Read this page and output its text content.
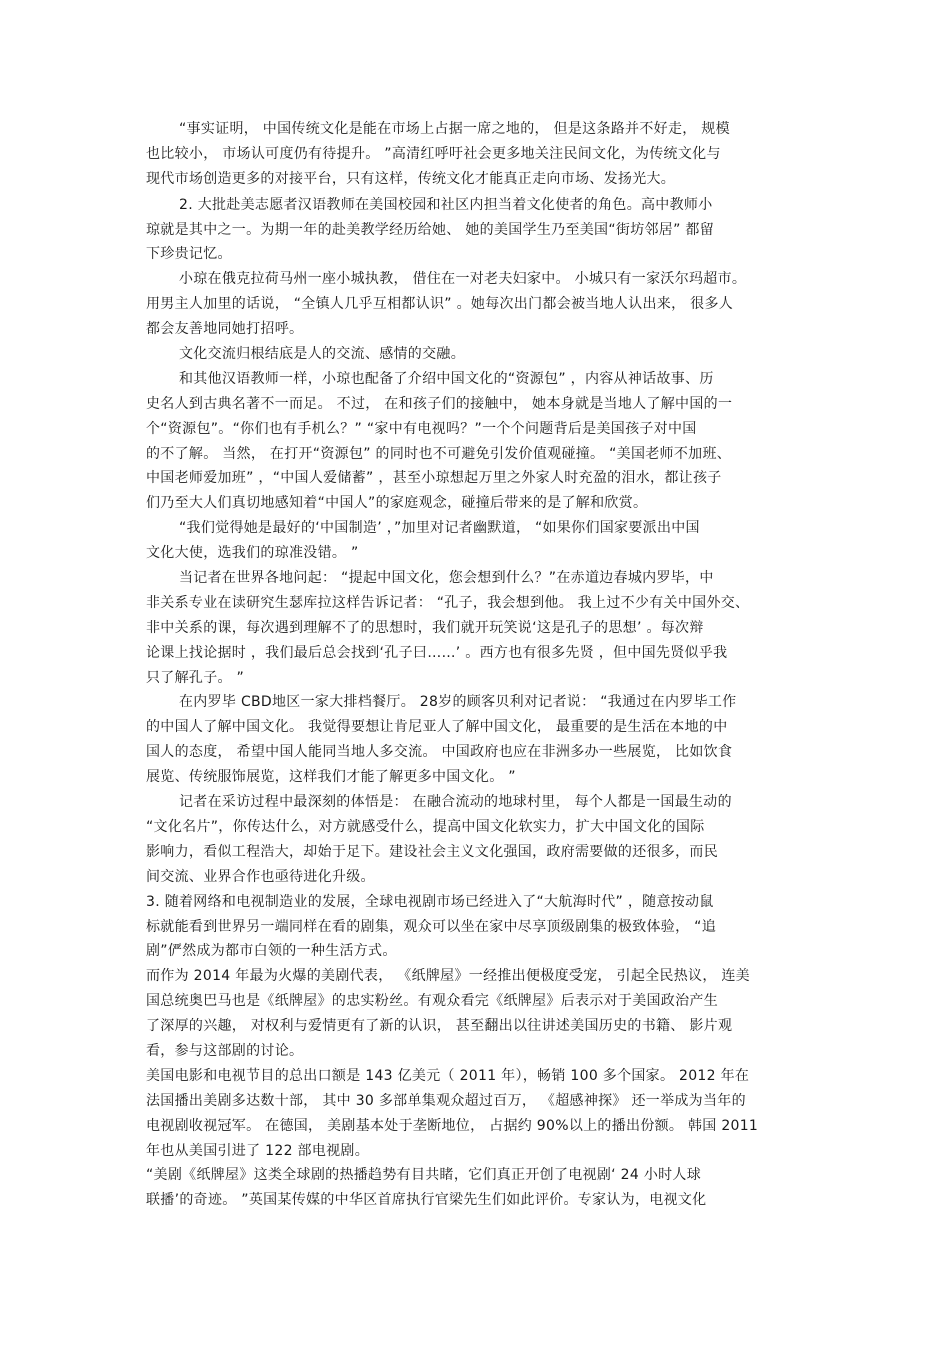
“事实证明， 中国传统文化是能在市场上占据一席之地的， 但是这条路并不好走， 规模
也比较小， 市场认可度仍有待提升。 ”高清红呼吁社会更多地关注民间文化，为传统文化与
现代市场创造更多的对接平台，只有这样，传统文化才能真正走向市场、发扬光大。
2. 大批赴美志愿者汉语教师在美国校园和社区内担当着文化使者的角色。高中教师小
琼就是其中之一。为期一年的赴美教学经历给她、 她的美国学生乃至美国“街坊邻居” 都留
下珍贵记忆。
小琼在俄克拉荷马州一座小城执教， 借住在一对老夫妇家中。 小城只有一家沃尔玛超市。
用男主人加里的话说， “全镇人几乎互相都认识” 。她每次出门都会被当地人认出来， 很多人
都会友善地同她打招呼。
文化交流归根结底是人的交流、感情的交融。
和其他汉语教师一样，小琼也配备了介绍中国文化的“资源包” ，内容从神话故事、历
史名人到古典名著不一而足。 不过， 在和孩子们的接触中， 她本身就是当地人了解中国的一
个“资源包”。“你们也有手机么？” “家中有电视吗？”一个个问题背后是美国孩子对中国
的不了解。 当然， 在打开“资源包” 的同时也不可避免引发价值观碰撞。 “美国老师不加班、
中国老师爱加班” ，“中国人爱储蓄” ，甚至小琼想起万里之外家人时充盈的泪水，都让孩子
们乃至大人们真切地感知着“中国人”的家庭观念，碰撞后带来的是了解和欣赏。
“我们觉得她是最好的‘中国制造’ ，”加里对记者幽默道， “如果你们国家要派出中国
文化大使，选我们的琼准没错。 ”
当记者在世界各地问起： “提起中国文化，您会想到什么？”在赤道边春城内罗毕，中
非关系专业在读研究生瑟库拉这样告诉记者： “孔子，我会想到他。 我上过不少有关中国外交、
非中关系的课，每次遇到理解不了的思想时，我们就开玩笑说‘这是孔子的思想’ 。每次辩
论课上找论据时 ，我们最后总会找到‘孔子曰……’ 。西方也有很多先贤 ，但中国先贤似乎我
只了解孔子。 ”
在内罗毕 CBD地区一家大排档餐厅。 28岁的顾客贝利对记者说： “我通过在内罗毕工作
的中国人了解中国文化。 我觉得要想让肯尼亚人了解中国文化， 最重要的是生活在本地的中
国人的态度， 希望中国人能同当地人多交流。 中国政府也应在非洲多办一些展览， 比如饮食
展览、传统服饰展览，这样我们才能了解更多中国文化。 ”
记者在采访过程中最深刻的体悟是： 在融合流动的地球村里， 每个人都是一国最生动的
“文化名片”，你传达什么，对方就感受什么，提高中国文化软实力，扩大中国文化的国际
影响力，看似工程浩大，却始于足下。建设社会主义文化强国，政府需要做的还很多，而民
间交流、业界合作也亟待进化升级。
3. 随着网络和电视制造业的发展，全球电视剧市场已经进入了“大航海时代” ，随意按动鼠
标就能看到世界另一端同样在看的剧集，观众可以坐在家中尽享顶级剧集的极致体验， “追
剧”俨然成为都市白领的一种生活方式。
而作为 2014 年最为火爆的美剧代表， 《纸牌屋》一经推出便极度受宠， 引起全民热议， 连美
国总统奥巴马也是《纸牌屋》的忠实粉丝。有观众看完《纸牌屋》后表示对于美国政治产生
了深厚的兴趣， 对权利与爱情更有了新的认识， 甚至翻出以往讲述美国历史的书籍、 影片观
看，参与这部剧的讨论。
美国电影和电视节目的总出口额是 143 亿美元（ 2011 年），畅销 100 多个国家。 2012 年在
法国播出美剧多达数十部， 其中 30 多部单集观众超过百万， 《超感神探》 还一举成为当年的
电视剧收视冠军。 在德国， 美剧基本处于垄断地位， 占据约 90%以上的播出份额。 韩国 2011
年也从美国引进了 122 部电视剧。
“美剧《纸牌屋》这类全球剧的热播趋势有目共睹，它们真正开创了电视剧‘ 24 小时人球
联播’的奇迹。 ”英国某传媒的中华区首席执行官梁先生们如此评价。专家认为，电视文化
